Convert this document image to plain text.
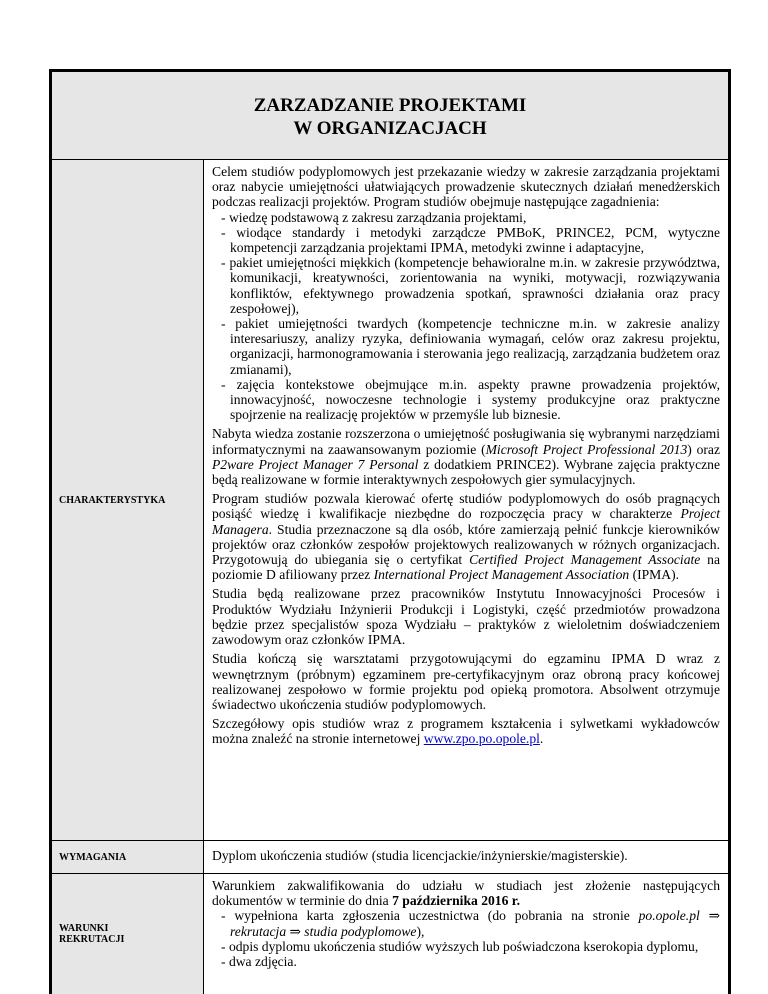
ZARZADZANIE PROJEKTAMI

W ORGANIZACJACH

CHARAKTERYSTYKA

Celem studiów podyplomowych jest przekazanie wiedzy w zakresie zarządzania projektami oraz nabycie umiejętności ułatwiających prowadzenie skutecznych działań menedżerskich podczas realizacji projektów. Program studiów obejmuje następujące zagadnienia:

- wiedzę podstawową z zakresu zarządzania projektami,
- wiodące standardy i metodyki zarządcze PMBoK, PRINCE2, PCM, wytyczne kompetencji zarządzania projektami IPMA, metodyki zwinne i adaptacyjne,
- pakiet umiejętności miękkich (kompetencje behawioralne m.in. w zakresie przywództwa, komunikacji, kreatywności, zorientowania na wyniki, motywacji, rozwiązywania konfliktów, efektywnego prowadzenia spotkań, sprawności działania oraz pracy zespołowej),
- pakiet umiejętności twardych (kompetencje techniczne m.in. w zakresie analizy interesariuszy, analizy ryzyka, definiowania wymagań, celów oraz zakresu projektu, organizacji, harmonogramowania i sterowania jego realizacją, zarządzania budżetem oraz zmianami),
- zajęcia kontekstowe obejmujące m.in. aspekty prawne prowadzenia projektów, innowacyjność, nowoczesne technologie i systemy produkcyjne oraz praktyczne spojrzenie na realizację projektów w przemyśle lub biznesie.

Nabyta wiedza zostanie rozszerzona o umiejętność posługiwania się wybranymi narzędziami informatycznymi na zaawansowanym poziomie (Microsoft Project Professional 2013) oraz P2ware Project Manager 7 Personal z dodatkiem PRINCE2). Wybrane zajęcia praktyczne będą realizowane w formie interaktywnych zespołowych gier symulacyjnych.

Program studiów pozwala kierować ofertę studiów podyplomowych do osób pragnących posiąść wiedzę i kwalifikacje niezbędne do rozpoczęcia pracy w charakterze Project Managera. Studia przeznaczone są dla osób, które zamierzają pełnić funkcje kierowników projektów oraz członków zespołów projektowych realizowanych w różnych organizacjach. Przygotowują do ubiegania się o certyfikat Certified Project Management Associate na poziomie D afiliowany przez International Project Management Association (IPMA).

Studia będą realizowane przez pracowników Instytutu Innowacyjności Procesów i Produktów Wydziału Inżynierii Produkcji i Logistyki, część przedmiotów prowadzona będzie przez specjalistów spoza Wydziału – praktyków z wieloletnim doświadczeniem zawodowym oraz członków IPMA.

Studia kończą się warsztatami przygotowującymi do egzaminu IPMA D wraz z wewnętrznym (próbnym) egzaminem pre-certyfikacyjnym oraz obroną pracy końcowej realizowanej zespołowo w formie projektu pod opieką promotora. Absolwent otrzymuje świadectwo ukończenia studiów podyplomowych.

Szczegółowy opis studiów wraz z programem kształcenia i sylwetkami wykładowców można znaleźć na stronie internetowej www.zpo.po.opole.pl.

WYMAGANIA	Dyplom ukończenia studiów (studia licencjackie/inżynierskie/magisterskie).
WARUNKI
REKRUTACJI

Warunkiem zakwalifikowania do udziału w studiach jest złożenie następujących dokumentów w terminie do dnia 7 października 2016 r.

- wypełniona karta zgłoszenia uczestnictwa (do pobrania na stronie po.opole.pl ⇒ rekrutacja ⇒ studia podyplomowe),
- odpis dyplomu ukończenia studiów wyższych lub poświadczona kserokopia dyplomu,
- dwa zdjęcia.
